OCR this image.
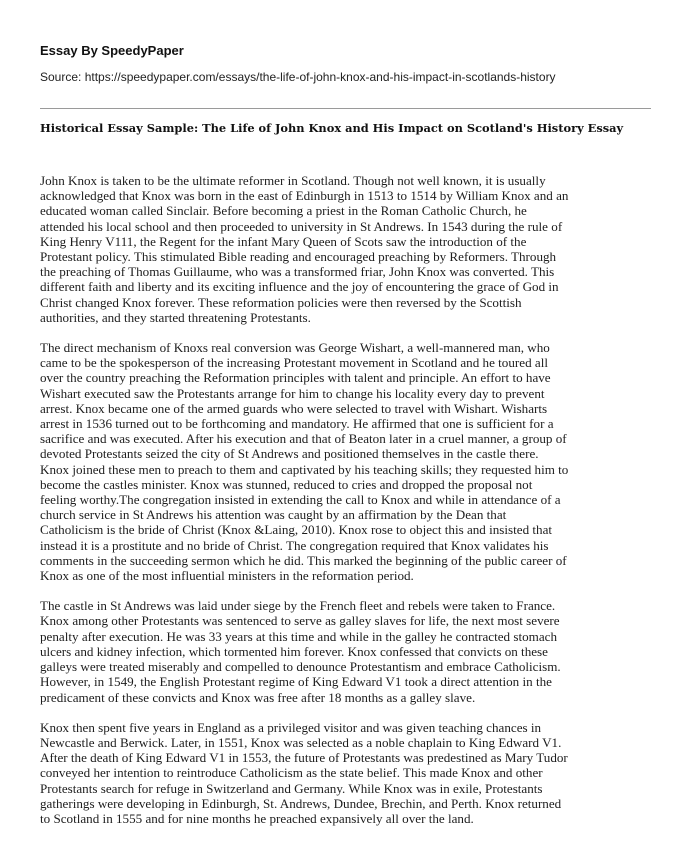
Essay By SpeedyPaper
Source: https://speedypaper.com/essays/the-life-of-john-knox-and-his-impact-in-scotlands-history
Historical Essay Sample: The Life of John Knox and His Impact on Scotland's History Essay

John Knox is taken to be the ultimate reformer in Scotland. Though not well known, it is usually
acknowledged that Knox was born in the east of Edinburgh in 1513 to 1514 by William Knox and an
educated woman called Sinclair. Before becoming a priest in the Roman Catholic Church, he
attended his local school and then proceeded to university in St Andrews. In 1543 during the rule of
King Henry V111, the Regent for the infant Mary Queen of Scots saw the introduction of the
Protestant policy. This stimulated Bible reading and encouraged preaching by Reformers. Through
the preaching of Thomas Guillaume, who was a transformed friar, John Knox was converted. This
different faith and liberty and its exciting influence and the joy of encountering the grace of God in
Christ changed Knox forever. These reformation policies were then reversed by the Scottish
authorities, and they started threatening Protestants.

The direct mechanism of Knoxs real conversion was George Wishart, a well-mannered man, who
came to be the spokesperson of the increasing Protestant movement in Scotland and he toured all
over the country preaching the Reformation principles with talent and principle. An effort to have
Wishart executed saw the Protestants arrange for him to change his locality every day to prevent
arrest. Knox became one of the armed guards who were selected to travel with Wishart. Wisharts
arrest in 1536 turned out to be forthcoming and mandatory. He affirmed that one is sufficient for a
sacrifice and was executed. After his execution and that of Beaton later in a cruel manner, a group of
devoted Protestants seized the city of St Andrews and positioned themselves in the castle there.
Knox joined these men to preach to them and captivated by his teaching skills; they requested him to
become the castles minister. Knox was stunned, reduced to cries and dropped the proposal not
feeling worthy.The congregation insisted in extending the call to Knox and while in attendance of a
church service in St Andrews his attention was caught by an affirmation by the Dean that
Catholicism is the bride of Christ (Knox &Laing, 2010). Knox rose to object this and insisted that
instead it is a prostitute and no bride of Christ. The congregation required that Knox validates his
comments in the succeeding sermon which he did. This marked the beginning of the public career of
Knox as one of the most influential ministers in the reformation period.

The castle in St Andrews was laid under siege by the French fleet and rebels were taken to France.
Knox among other Protestants was sentenced to serve as galley slaves for life, the next most severe
penalty after execution. He was 33 years at this time and while in the galley he contracted stomach
ulcers and kidney infection, which tormented him forever. Knox confessed that convicts on these
galleys were treated miserably and compelled to denounce Protestantism and embrace Catholicism.
However, in 1549, the English Protestant regime of King Edward V1 took a direct attention in the
predicament of these convicts and Knox was free after 18 months as a galley slave.

Knox then spent five years in England as a privileged visitor and was given teaching chances in
Newcastle and Berwick. Later, in 1551, Knox was selected as a noble chaplain to King Edward V1.
After the death of King Edward V1 in 1553, the future of Protestants was predestined as Mary Tudor
conveyed her intention to reintroduce Catholicism as the state belief. This made Knox and other
Protestants search for refuge in Switzerland and Germany. While Knox was in exile, Protestants
gatherings were developing in Edinburgh, St. Andrews, Dundee, Brechin, and Perth. Knox returned
to Scotland in 1555 and for nine months he preached expansively all over the land.
